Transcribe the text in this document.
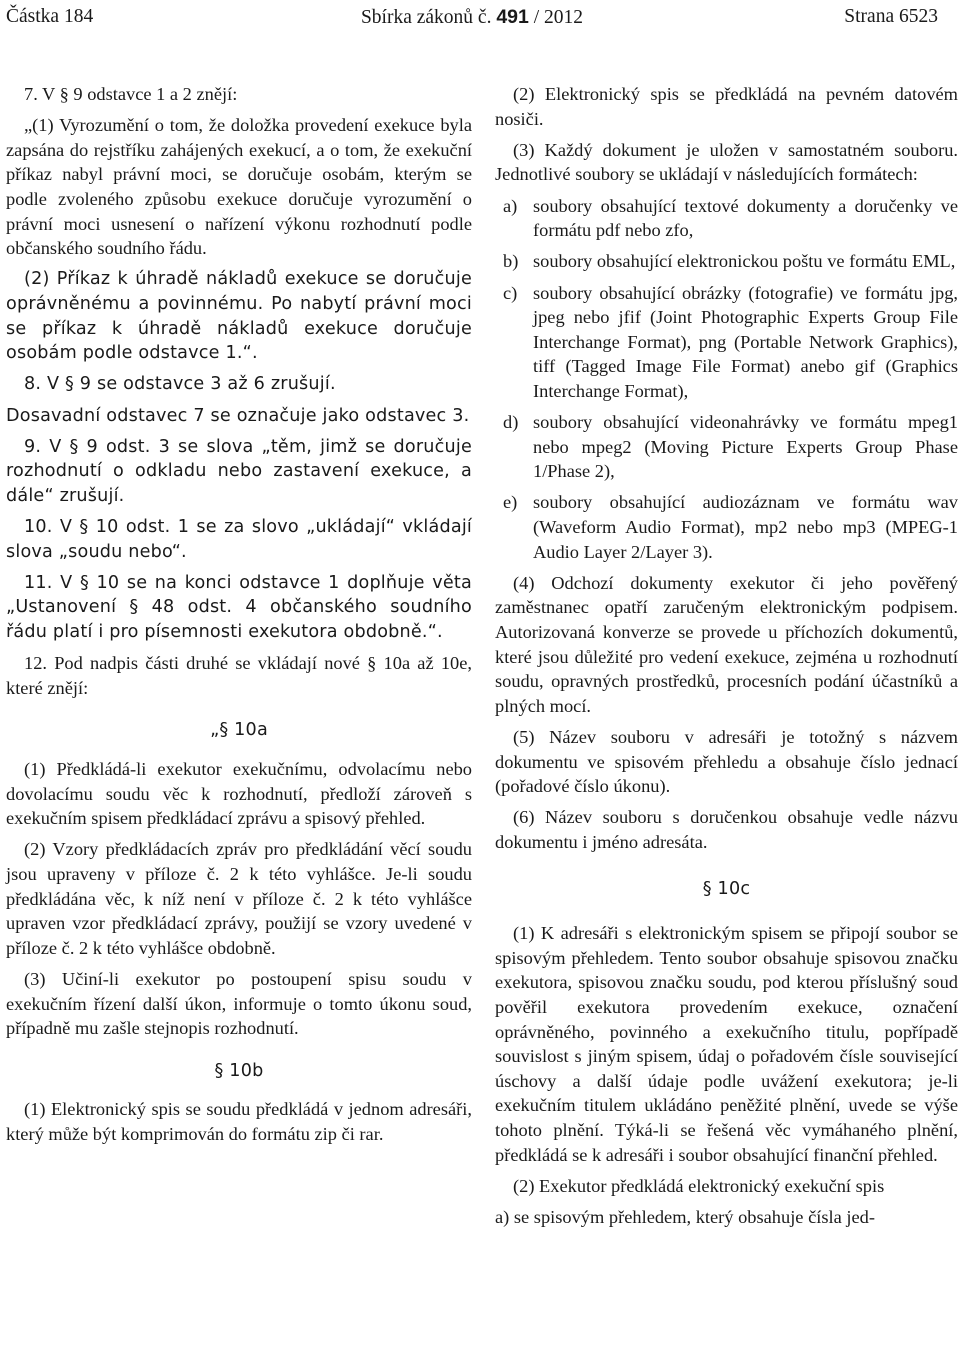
Částka 184	Sbírka zákonů č. 491 / 2012	Strana 6523

7. V § 9 odstavce 1 a 2 znějí:

„(1) Vyrozumění o tom, že doložka provedení exekuce byla zapsána do rejstříku zahájených exekucí, a o tom, že exekuční příkaz nabyl právní moci, se doručuje osobám, kterým se podle zvoleného způsobu exekuce doručuje vyrozumění o právní moci usnesení o nařízení výkonu rozhodnutí podle občanského soudního řádu.

(2) Příkaz k úhradě nákladů exekuce se doručuje oprávněnému a povinnému. Po nabytí právní moci se příkaz k úhradě nákladů exekuce doručuje osobám podle odstavce 1.“.

8. V § 9 se odstavce 3 až 6 zrušují.

Dosavadní odstavec 7 se označuje jako odstavec 3.

9. V § 9 odst. 3 se slova „těm, jimž se doručuje rozhodnutí o odkladu nebo zastavení exekuce, a dále“ zrušují.

10. V § 10 odst. 1 se za slovo „ukládají“ vkládají slova „soudu nebo“.

11. V § 10 se na konci odstavce 1 doplňuje věta „Ustanovení § 48 odst. 4 občanského soudního řádu platí i pro písemnosti exekutora obdobně.“.

12. Pod nadpis části druhé se vkládají nové § 10a až 10e, které znějí:

„§ 10a

(1) Předkládá-li exekutor exekučnímu, odvolacímu nebo dovolacímu soudu věc k rozhodnutí, předloží zároveň s exekučním spisem předkládací zprávu a spisový přehled.

(2) Vzory předkládacích zpráv pro předkládání věcí soudu jsou upraveny v příloze č. 2 k této vyhlášce. Je-li soudu předkládána věc, k níž není v příloze č. 2 k této vyhlášce upraven vzor předkládací zprávy, použijí se vzory uvedené v příloze č. 2 k této vyhlášce obdobně.

(3) Učiní-li exekutor po postoupení spisu soudu v exekučním řízení další úkon, informuje o tomto úkonu soud, případně mu zašle stejnopis rozhodnutí.

§ 10b

(1) Elektronický spis se soudu předkládá v jednom adresáři, který může být komprimován do formátu zip či rar.

(2) Elektronický spis se předkládá na pevném datovém nosiči.

(3) Každý dokument je uložen v samostatném souboru. Jednotlivé soubory se ukládají v následujících formátech:

a) soubory obsahující textové dokumenty a doručenky ve formátu pdf nebo zfo,
b) soubory obsahující elektronickou poštu ve formátu EML,
c) soubory obsahující obrázky (fotografie) ve formátu jpg, jpeg nebo jfif (Joint Photographic Experts Group File Interchange Format), png (Portable Network Graphics), tiff (Tagged Image File Format) anebo gif (Graphics Interchange Format),
d) soubory obsahující videonahrávky ve formátu mpeg1 nebo mpeg2 (Moving Picture Experts Group Phase 1/Phase 2),
e) soubory obsahující audiozáznam ve formátu wav (Waveform Audio Format), mp2 nebo mp3 (MPEG-1 Audio Layer 2/Layer 3).

(4) Odchozí dokumenty exekutor či jeho pověřený zaměstnanec opatří zaručeným elektronickým podpisem. Autorizovaná konverze se provede u příchozích dokumentů, které jsou důležité pro vedení exekuce, zejména u rozhodnutí soudu, opravných prostředků, procesních podání účastníků a plných mocí.

(5) Název souboru v adresáři je totožný s názvem dokumentu ve spisovém přehledu a obsahuje číslo jednací (pořadové číslo úkonu).

(6) Název souboru s doručenkou obsahuje vedle názvu dokumentu i jméno adresáta.

§ 10c

(1) K adresáři s elektronickým spisem se připojí soubor se spisovým přehledem. Tento soubor obsahuje spisovou značku exekutora, spisovou značku soudu, pod kterou příslušný soud pověřil exekutora provedením exekuce, označení oprávněného, povinného a exekučního titulu, popřípadě souvislost s jiným spisem, údaj o pořadovém čísle související úschovy a další údaje podle uvážení exekutora; je-li exekučním titulem ukládáno peněžité plnění, uvede se výše tohoto plnění. Týká-li se řešená věc vymáhaného plnění, předkládá se k adresáři i soubor obsahující finanční přehled.

(2) Exekutor předkládá elektronický exekuční spis

a) se spisovým přehledem, který obsahuje čísla jed-
